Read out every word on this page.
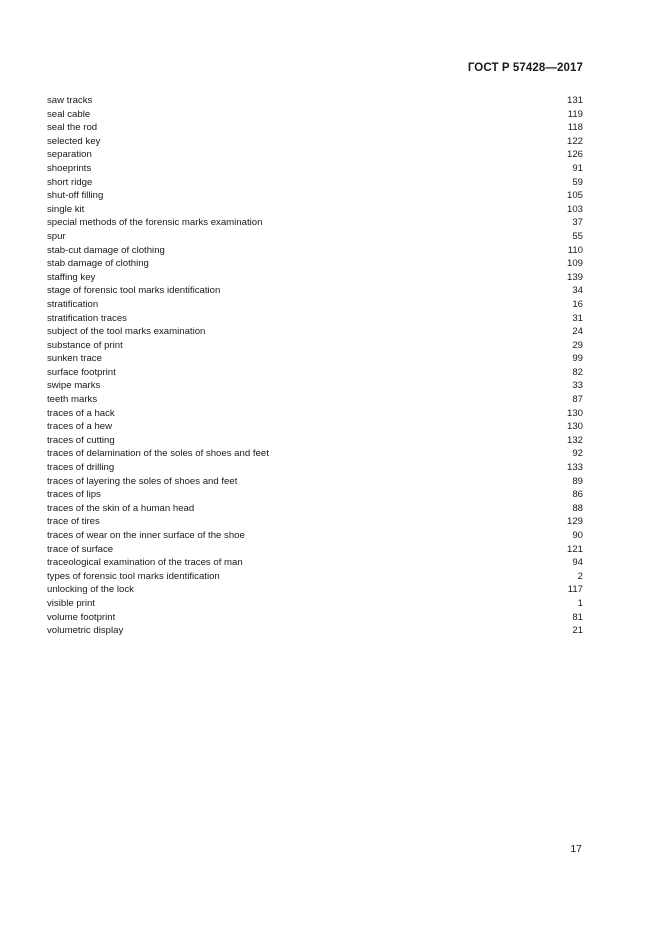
ГОСТ Р 57428—2017
saw tracks	131
seal cable	119
seal the rod	118
selected key	122
separation	126
shoeprints	91
short ridge	59
shut-off filling	105
single kit	103
special methods of the forensic marks examination	37
spur	55
stab-cut damage of clothing	110
stab damage of clothing	109
staffing key	139
stage of forensic tool marks identification	34
stratification	16
stratification traces	31
subject of the tool marks examination	24
substance of print	29
sunken trace	99
surface footprint	82
swipe marks	33
teeth marks	87
traces of a hack	130
traces of a hew	130
traces of cutting	132
traces of delamination of the soles of shoes and feet	92
traces of drilling	133
traces of layering the soles of shoes and feet	89
traces of lips	86
traces of the skin of a human head	88
trace of tires	129
traces of wear on the inner surface of the shoe	90
trace of surface	121
traceological examination of the traces of man	94
types of forensic tool marks identification	2
unlocking of the lock	117
visible print	1
volume footprint	81
volumetric display	21
17
